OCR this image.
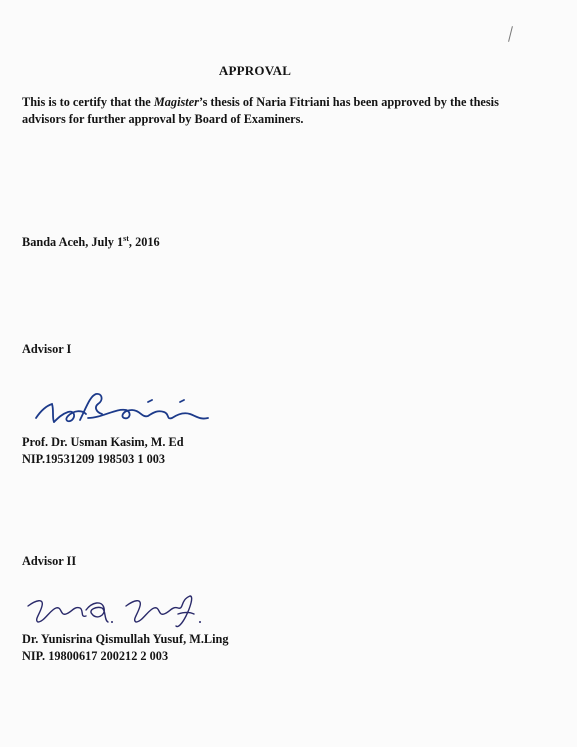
APPROVAL
This is to certify that the Magister’s thesis of Naria Fitriani has been approved by the thesis advisors for further approval by Board of Examiners.
Banda Aceh, July 1st, 2016
Advisor I
Prof. Dr. Usman Kasim, M. Ed
NIP.19531209 198503 1 003
Advisor II
Dr. Yunisrina Qismullah Yusuf, M.Ling
NIP. 19800617 200212 2 003
